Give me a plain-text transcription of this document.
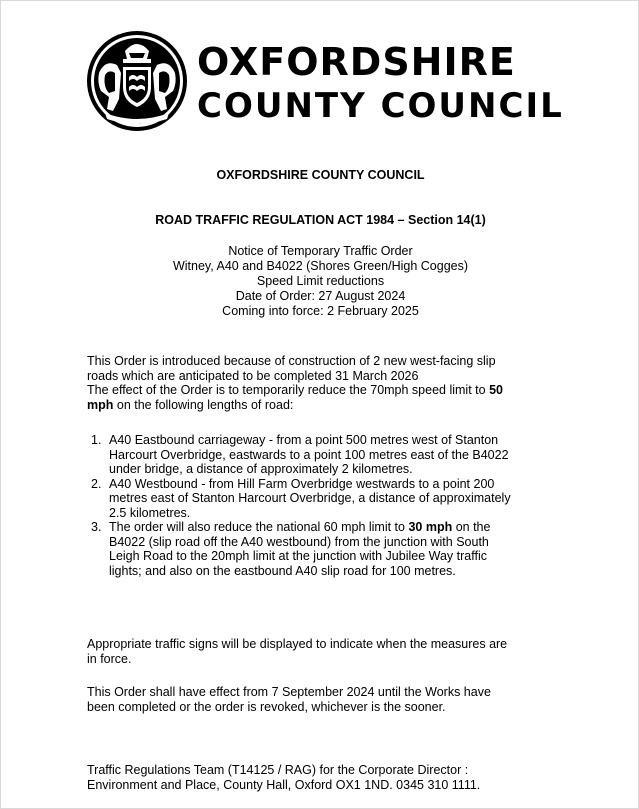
OXFORDSHIRE
COUNTY COUNCIL
OXFORDSHIRE COUNTY COUNCIL
ROAD TRAFFIC REGULATION ACT 1984 – Section 14(1)
Notice of Temporary Traffic Order
Witney, A40 and B4022 (Shores Green/High Cogges)
Speed Limit reductions
Date of Order: 27 August 2024
Coming into force: 2 February 2025
This Order is introduced because of construction of 2 new west-facing slip
roads which are anticipated to be completed 31 March 2026
The effect of the Order is to temporarily reduce the 70mph speed limit to 50
mph on the following lengths of road:
1. A40 Eastbound carriageway - from a point 500 metres west of Stanton
Harcourt Overbridge, eastwards to a point 100 metres east of the B4022
under bridge, a distance of approximately 2 kilometres.
2. A40 Westbound - from Hill Farm Overbridge westwards to a point 200
metres east of Stanton Harcourt Overbridge, a distance of approximately
2.5 kilometres.
3. The order will also reduce the national 60 mph limit to 30 mph on the
B4022 (slip road off the A40 westbound) from the junction with South
Leigh Road to the 20mph limit at the junction with Jubilee Way traffic
lights; and also on the eastbound A40 slip road for 100 metres.
Appropriate traffic signs will be displayed to indicate when the measures are
in force.
This Order shall have effect from 7 September 2024 until the Works have
been completed or the order is revoked, whichever is the sooner.
Traffic Regulations Team (T14125 / RAG) for the Corporate Director :
Environment and Place, County Hall, Oxford OX1 1ND. 0345 310 1111.
